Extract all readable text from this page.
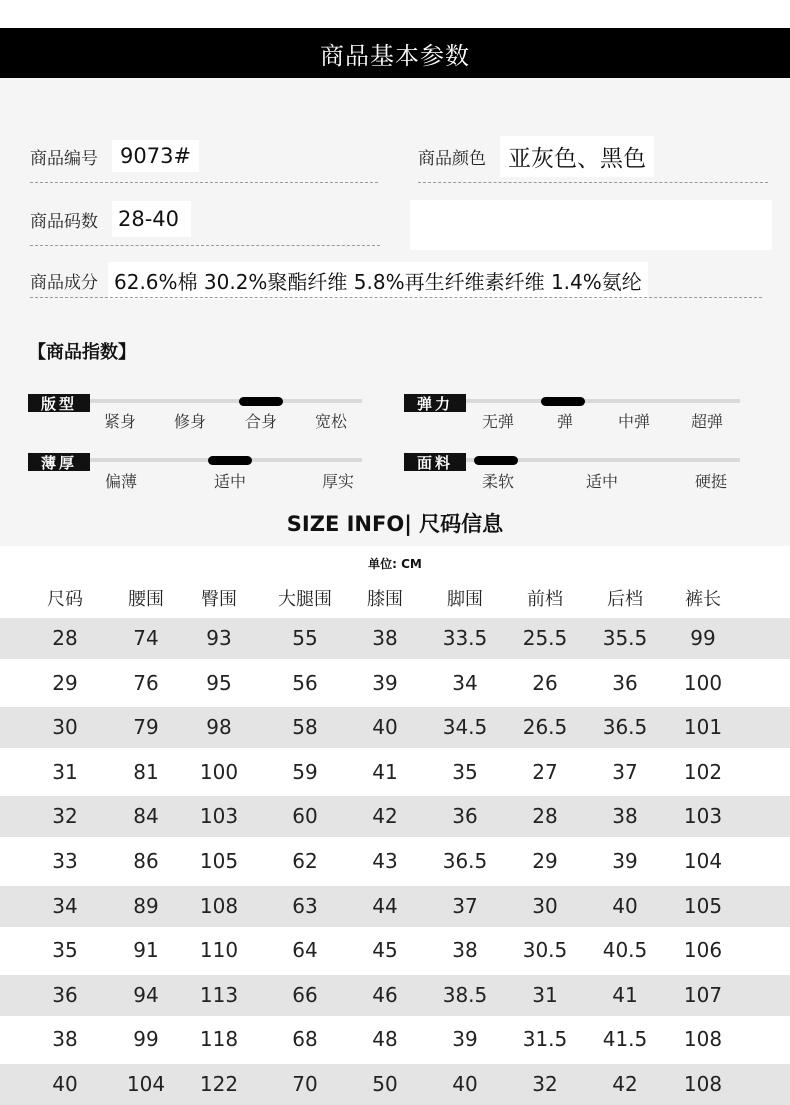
商品基本参数
商品编号	9073#	商品颜色 亚灰色、黑色
商品码数 28-40
商品成分 62.6%棉 30.2%聚酯纤维 5.8%再生纤维素纤维 1.4%氨纶
【商品指数】
版型
紧身 修身 合身 宽松
弹力
无弹	弹	中弹	超弹
薄厚
偏薄	适中	厚实
面料
柔软	适中	硬挺
SIZE INFO| 尺码信息
单位: CM
尺码	腰围 臀围 大腿围 膝围 脚围 前档 后档 裤长
28	74 93	55	38 33.5 25.5 35.5 99
29	76 95	56	39	34	26	36 100
30	79 98	58	40 34.5 26.5 36.5 101
31	81 100	59	41	35	27	37 102
32	84 103	60	42	36	28	38 103
33	86 105	62	43 36.5 29	39 104
34	89 108	63	44	37	30	40 105
35	91 110	64	45	38 30.5 40.5 106
36	94 113	66	46 38.5 31	41 107
38	99 118	68	48	39 31.5 41.5 108
40 104 122	70	50	40	32	42 108
